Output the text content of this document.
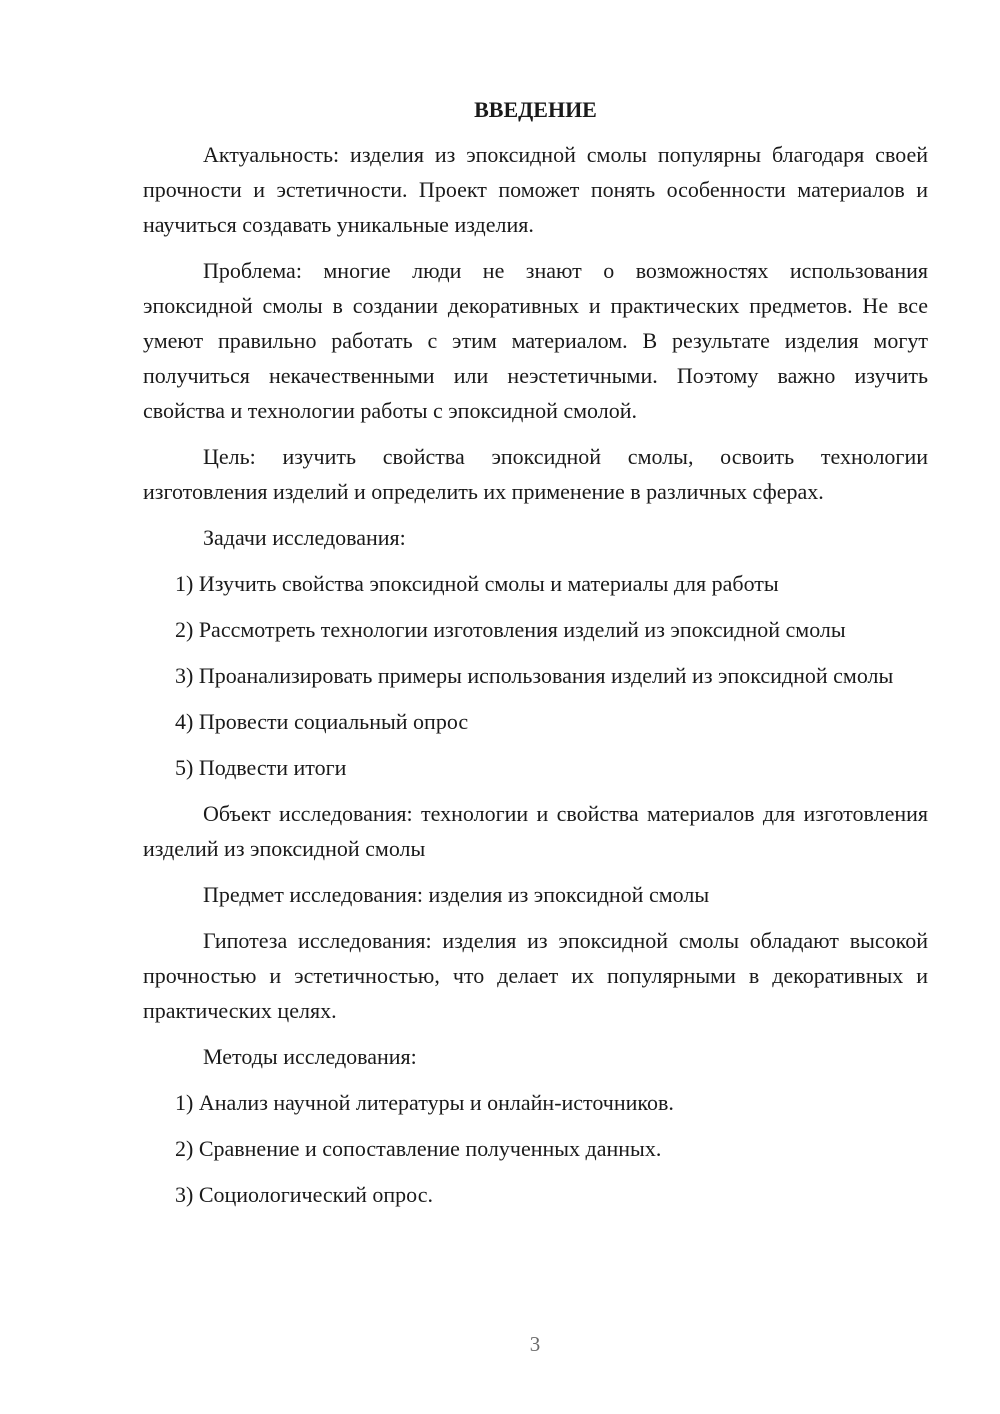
ВВЕДЕНИЕ

Актуальность: изделия из эпоксидной смолы популярны благодаря своей прочности и эстетичности. Проект поможет понять особенности материалов и научиться создавать уникальные изделия.

Проблема: многие люди не знают о возможностях использования эпоксидной смолы в создании декоративных и практических предметов. Не все умеют правильно работать с этим материалом. В результате изделия могут получиться некачественными или неэстетичными. Поэтому важно изучить свойства и технологии работы с эпоксидной смолой.

Цель: изучить свойства эпоксидной смолы, освоить технологии изготовления изделий и определить их применение в различных сферах.

Задачи исследования:

1) Изучить свойства эпоксидной смолы и материалы для работы

2) Рассмотреть технологии изготовления изделий из эпоксидной смолы

3) Проанализировать примеры использования изделий из эпоксидной смолы

4) Провести социальный опрос

5) Подвести итоги

Объект исследования: технологии и свойства материалов для изготовления изделий из эпоксидной смолы

Предмет исследования: изделия из эпоксидной смолы

Гипотеза исследования: изделия из эпоксидной смолы обладают высокой прочностью и эстетичностью, что делает их популярными в декоративных и практических целях.

Методы исследования:

1) Анализ научной литературы и онлайн-источников.

2) Сравнение и сопоставление полученных данных.

3) Социологический опрос.

3
